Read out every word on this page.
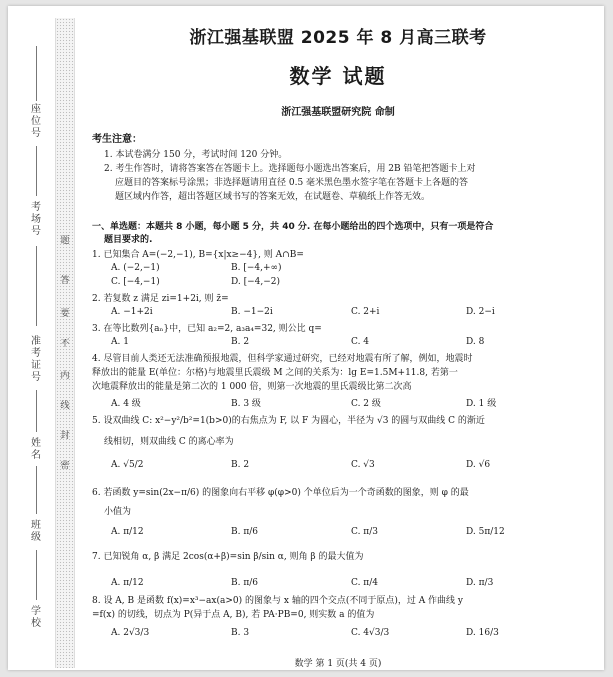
座位号
考场号
准考证号
姓名
班级
学校
题
答
要
不
内
线
封
密
浙江强基联盟 2025 年 8 月高三联考
数学 试题
浙江强基联盟研究院 命制
考生注意：
1. 本试卷满分 150 分，考试时间 120 分钟。
2. 考生作答时，请将答案答在答题卡上。选择题每小题选出答案后，用 2B 铅笔把答题卡上对
应题目的答案标号涂黑；非选择题请用直径 0.5 毫米黑色墨水签字笔在答题卡上各题的答
题区域内作答，超出答题区域书写的答案无效，在试题卷、草稿纸上作答无效。
一、单选题：本题共 8 小题，每小题 5 分，共 40 分. 在每小题给出的四个选项中，只有一项是符合
题目要求的.
1. 已知集合 A=(−2,−1), B={x|x≥−4}, 则 A∩B=
A. (−2,−1)	B. [−4,+∞)
C. [−4,−1)	D. [−4,−2)
2. 若复数 z 满足 zi=1+2i, 则 z̄=
A. −1+2i	B. −1−2i	C. 2+i	D. 2−i
3. 在等比数列{aₙ}中，已知 a₂=2, a₃a₄=32, 则公比 q=
A. 1	B. 2	C. 4	D. 8
4. 尽管目前人类还无法准确预报地震，但科学家通过研究，已经对地震有所了解，例如，地震时
释放出的能量 E(单位：尔格)与地震里氏震级 M 之间的关系为：lg E=1.5M+11.8, 若第一
次地震释放出的能量是第二次的 1 000 倍，则第一次地震的里氏震级比第二次高
A. 4 级	B. 3 级	C. 2 级	D. 1 级
5. 设双曲线 C: x²−y²/b²=1(b>0)的右焦点为 F, 以 F 为圆心，半径为 √3 的圆与双曲线 C 的渐近
线相切，则双曲线 C 的离心率为
A. √5/2	B. 2	C. √3	D. √6
6. 若函数 y=sin(2x−π/6) 的图象向右平移 φ(φ>0) 个单位后为一个奇函数的图象，则 φ 的最
小值为
A. π/12	B. π/6	C. π/3	D. 5π/12
7. 已知锐角 α, β 满足 2cos(α+β)=sin β/sin α, 则角 β 的最大值为
A. π/12	B. π/6	C. π/4	D. π/3
8. 设 A, B 是函数 f(x)=x³−ax(a>0) 的图象与 x 轴的四个交点(不同于原点)，过 A 作曲线 y
=f(x) 的切线，切点为 P(异于点 A, B), 若 PA·PB=0, 则实数 a 的值为
A. 2√3/3	B. 3	C. 4√3/3	D. 16/3
数学 第 1 页(共 4 页)
